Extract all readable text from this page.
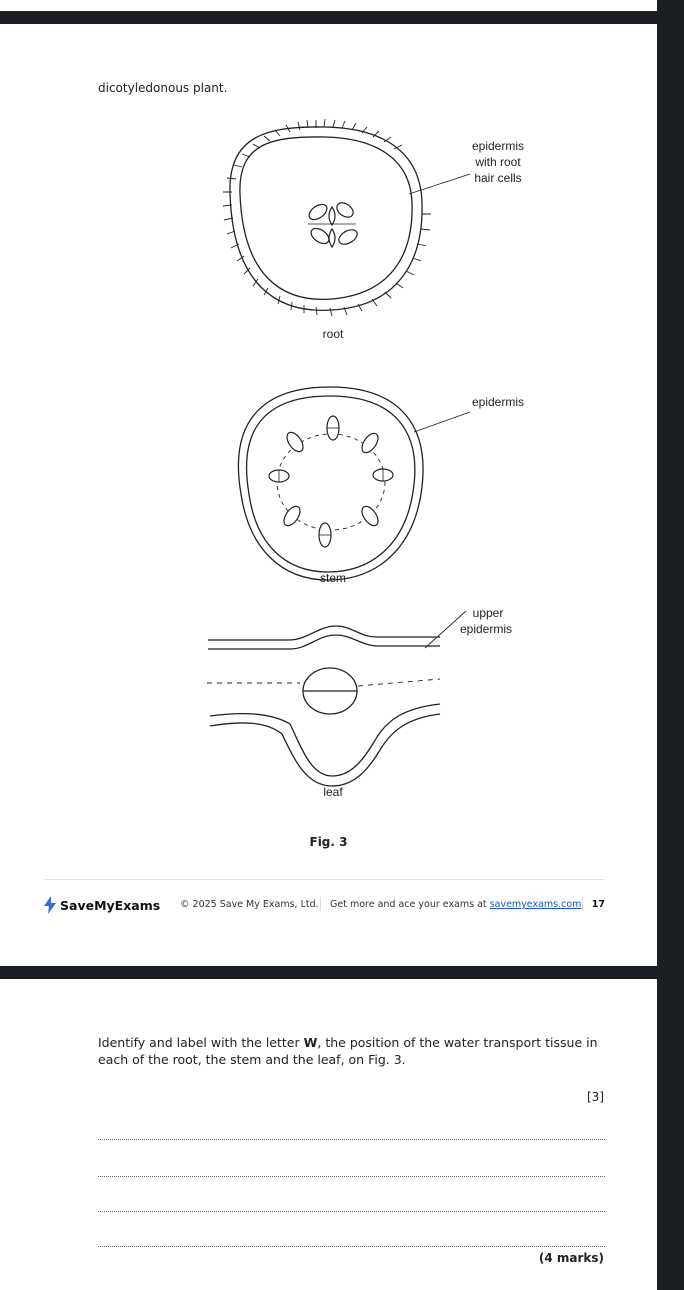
dicotyledonous plant.
epidermis
with root
hair cells
root
epidermis
stem
upper
epidermis
leaf
Fig. 3
SaveMyExams © 2025 Save My Exams, Ltd. Get more and ace your exams at savemyexams.com 17
Identify and label with the letter W, the position of the water transport tissue in each of the root, the stem and the leaf, on Fig. 3.
[3]
(4 marks)
